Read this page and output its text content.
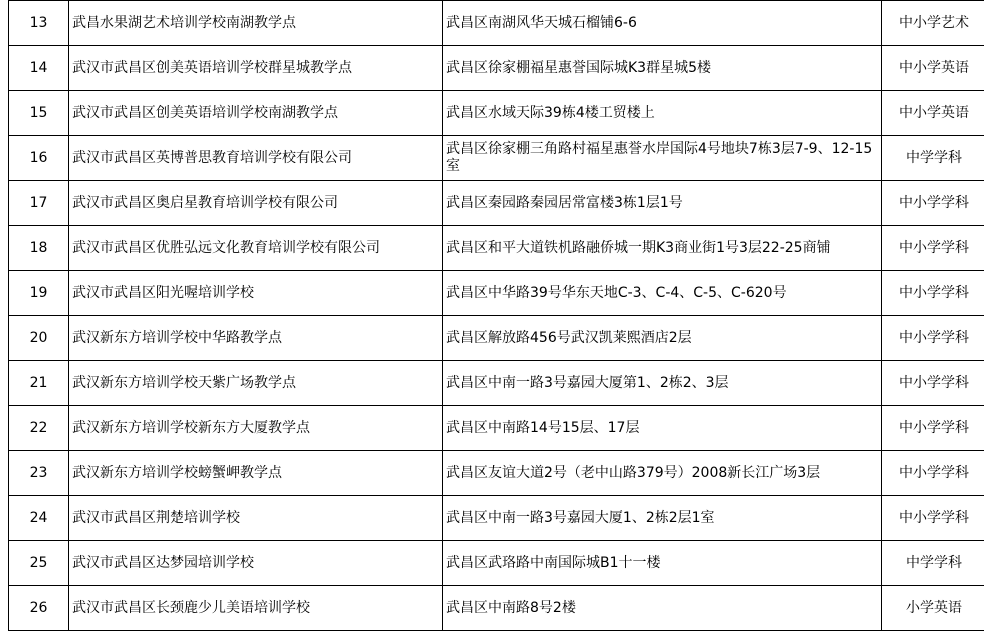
13	武昌水果湖艺术培训学校南湖教学点	武昌区南湖风华天城石榴铺6-6	中小学艺术
14	武汉市武昌区创美英语培训学校群星城教学点	武昌区徐家棚福星惠誉国际城K3群星城5楼	中小学英语
15	武汉市武昌区创美英语培训学校南湖教学点	武昌区水域天际39栋4楼工贸楼上	中小学英语
16	武汉市武昌区英博普思教育培训学校有限公司	武昌区徐家棚三角路村福星惠誉水岸国际4号地块7栋3层7-9、12-15室	中学学科
17	武汉市武昌区奥启星教育培训学校有限公司	武昌区秦园路秦园居常富楼3栋1层1号	中小学学科
18	武汉市武昌区优胜弘远文化教育培训学校有限公司	武昌区和平大道铁机路融侨城一期K3商业街1号3层22-25商铺	中小学学科
19	武汉市武昌区阳光喔培训学校	武昌区中华路39号华东天地C-3、C-4、C-5、C-620号	中小学学科
20	武汉新东方培训学校中华路教学点	武昌区解放路456号武汉凯莱熙酒店2层	中小学学科
21	武汉新东方培训学校天紫广场教学点	武昌区中南一路3号嘉园大厦第1、2栋2、3层	中小学学科
22	武汉新东方培训学校新东方大厦教学点	武昌区中南路14号15层、17层	中小学学科
23	武汉新东方培训学校螃蟹岬教学点	武昌区友谊大道2号（老中山路379号）2008新长江广场3层	中小学学科
24	武汉市武昌区荆楚培训学校	武昌区中南一路3号嘉园大厦1、2栋2层1室	中小学学科
25	武汉市武昌区达梦园培训学校	武昌区武珞路中南国际城B1十一楼	中学学科
26	武汉市武昌区长颈鹿少儿美语培训学校	武昌区中南路8号2楼	小学英语
